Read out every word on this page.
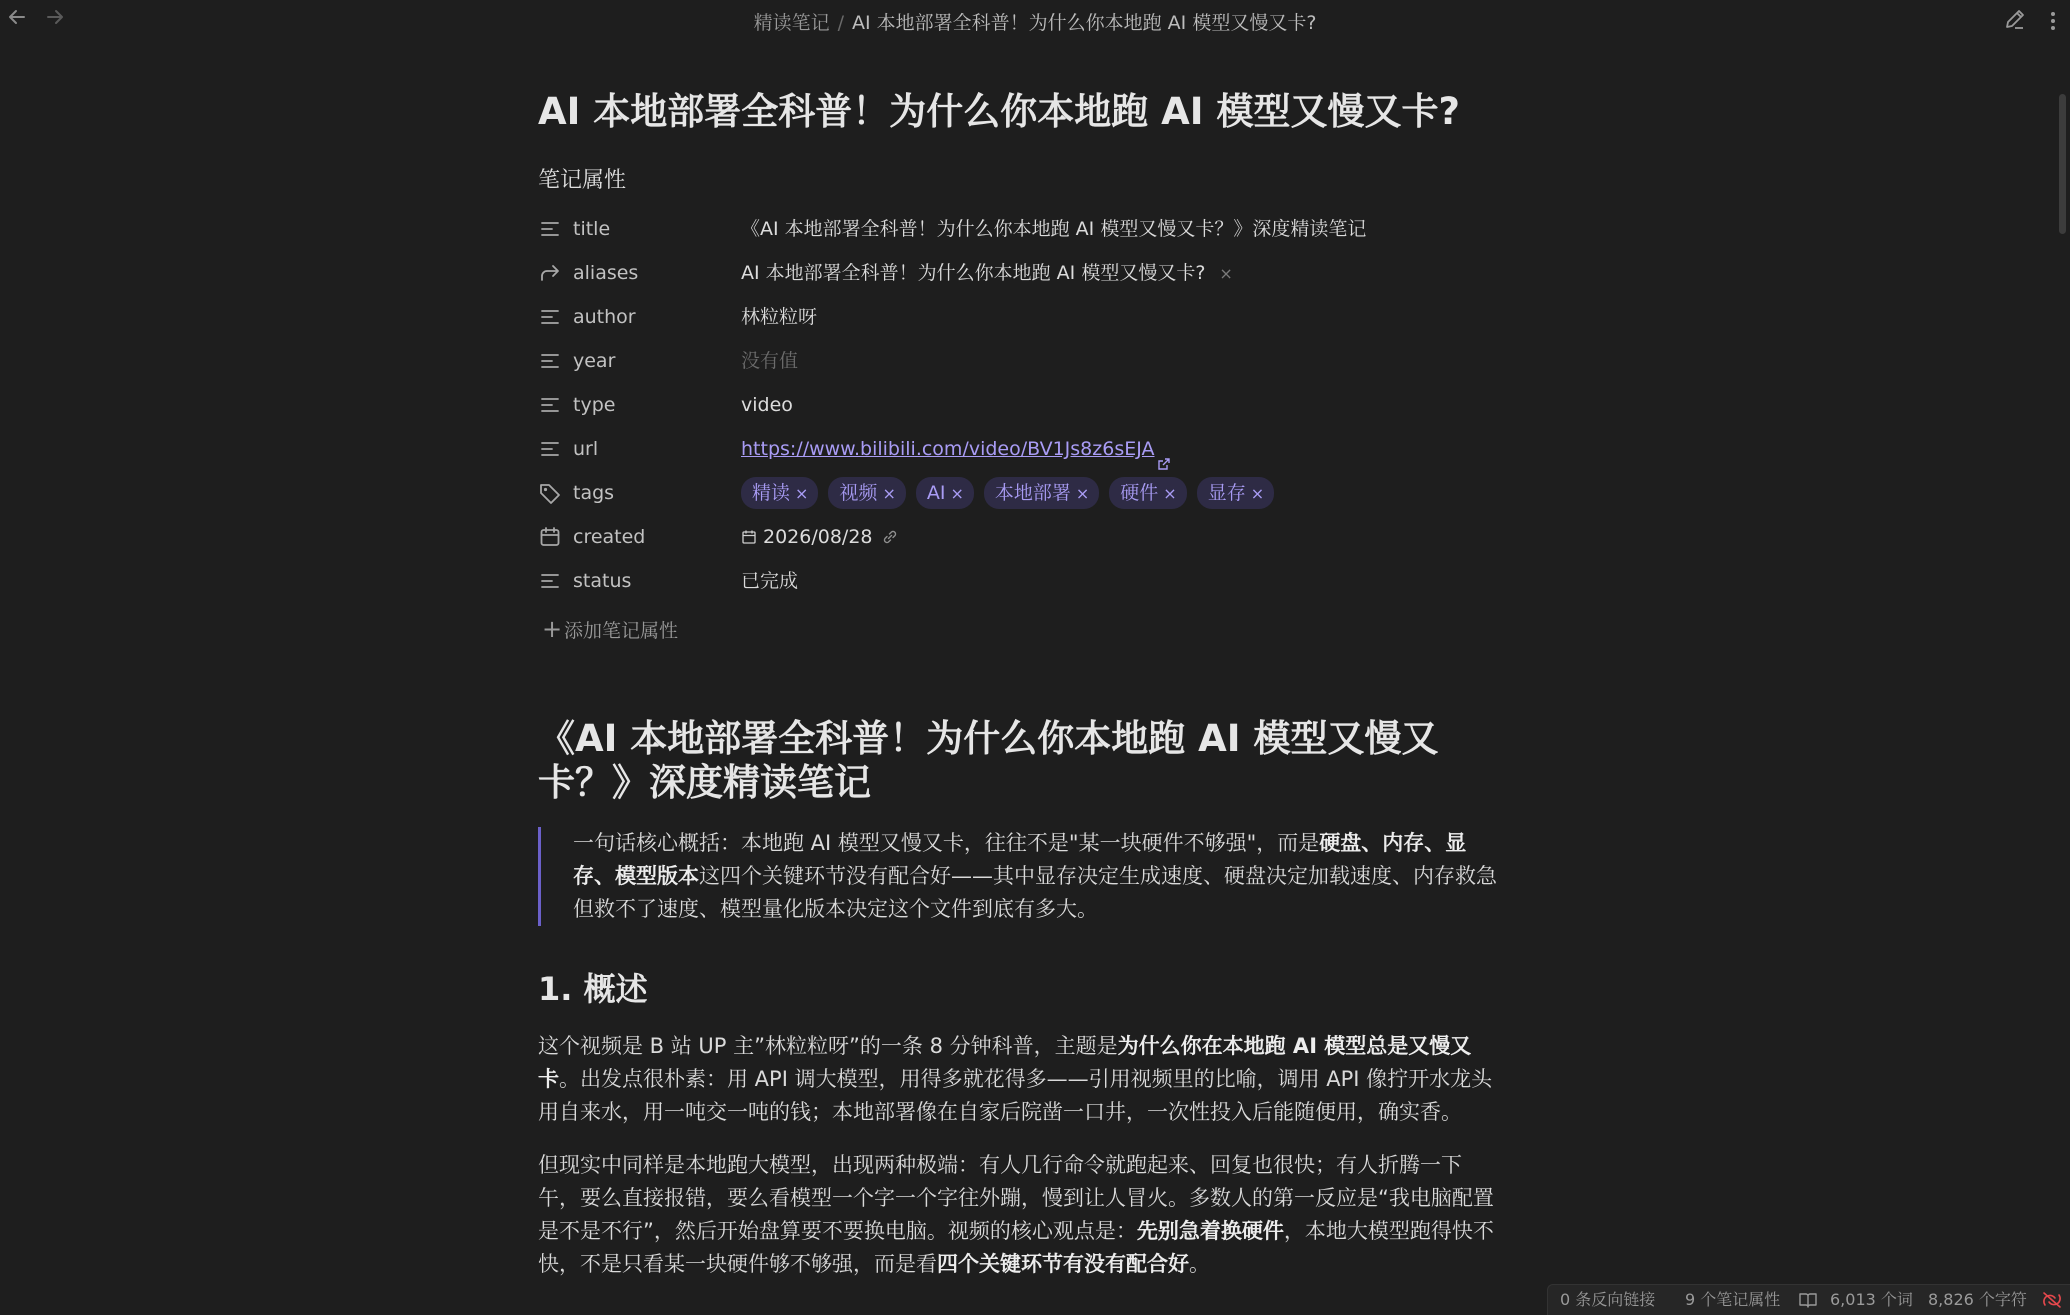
精读笔记 / AI 本地部署全科普！为什么你本地跑 AI 模型又慢又卡?
AI 本地部署全科普！为什么你本地跑 AI 模型又慢又卡?
笔记属性
title	《AI 本地部署全科普！为什么你本地跑 AI 模型又慢又卡？》深度精读笔记
aliases	AI 本地部署全科普！为什么你本地跑 AI 模型又慢又卡? ×
author	林粒粒呀
year	没有值
type	video
url	https://www.bilibili.com/video/BV1Js8z6sEJA
tags	精读 ×	视频 ×	AI ×	本地部署 ×	硬件 ×	显存 ×
created	2026/08/28
status	已完成
+添加笔记属性
《AI 本地部署全科普！为什么你本地跑 AI 模型又慢又卡？》深度精读笔记
一句话核心概括：本地跑 AI 模型又慢又卡，往往不是"某一块硬件不够强"，而是硬盘、内存、显存、模型版本这四个关键环节没有配合好——其中显存决定生成速度、硬盘决定加载速度、内存救急但救不了速度、模型量化版本决定这个文件到底有多大。
1. 概述

这个视频是 B 站 UP 主”林粒粒呀”的一条 8 分钟科普，主题是为什么你在本地跑 AI 模型总是又慢又卡。出发点很朴素：用 API 调大模型，用得多就花得多——引用视频里的比喻，调用 API 像拧开水龙头用自来水，用一吨交一吨的钱；本地部署像在自家后院凿一口井，一次性投入后能随便用，确实香。

但现实中同样是本地跑大模型，出现两种极端：有人几行命令就跑起来、回复也很快；有人折腾一下午，要么直接报错，要么看模型一个字一个字往外蹦，慢到让人冒火。多数人的第一反应是“我电脑配置是不是不行”，然后开始盘算要不要换电脑。视频的核心观点是：先别急着换硬件，本地大模型跑得快不快，不是只看某一块硬件够不够强，而是看四个关键环节有没有配合好。

0 条反向链接 9 个笔记属性	6,013 个词 8,826 个字符
